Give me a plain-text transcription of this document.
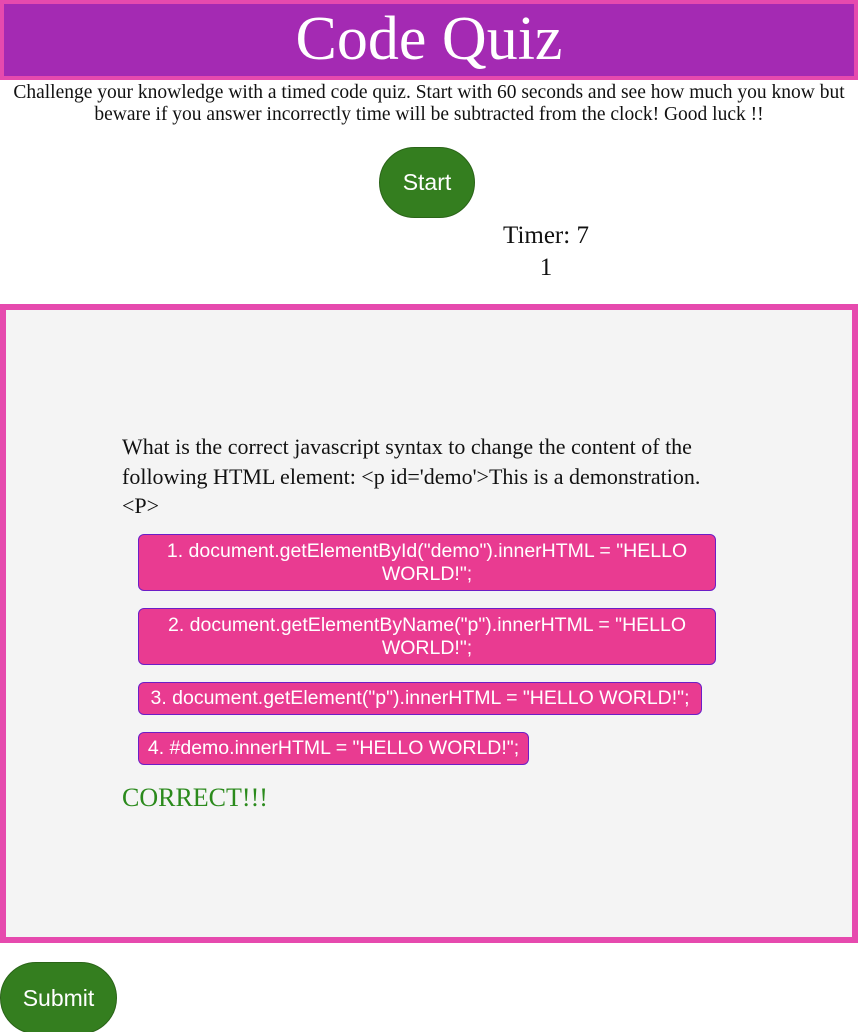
Code Quiz

Challenge your knowledge with a timed code quiz. Start with 60 seconds and see how much you know but beware if you answer incorrectly time will be subtracted from the clock! Good luck !!

Start
Timer: 7
1

What is the correct javascript syntax to change the content of the following HTML element: <p id='demo'>This is a demonstration.<P>

1. document.getElementById("demo").innerHTML = "HELLO WORLD!";
2. document.getElementByName("p").innerHTML = "HELLO WORLD!";
3. document.getElement("p").innerHTML = "HELLO WORLD!";
4. #demo.innerHTML = "HELLO WORLD!";

CORRECT!!!

Submit
